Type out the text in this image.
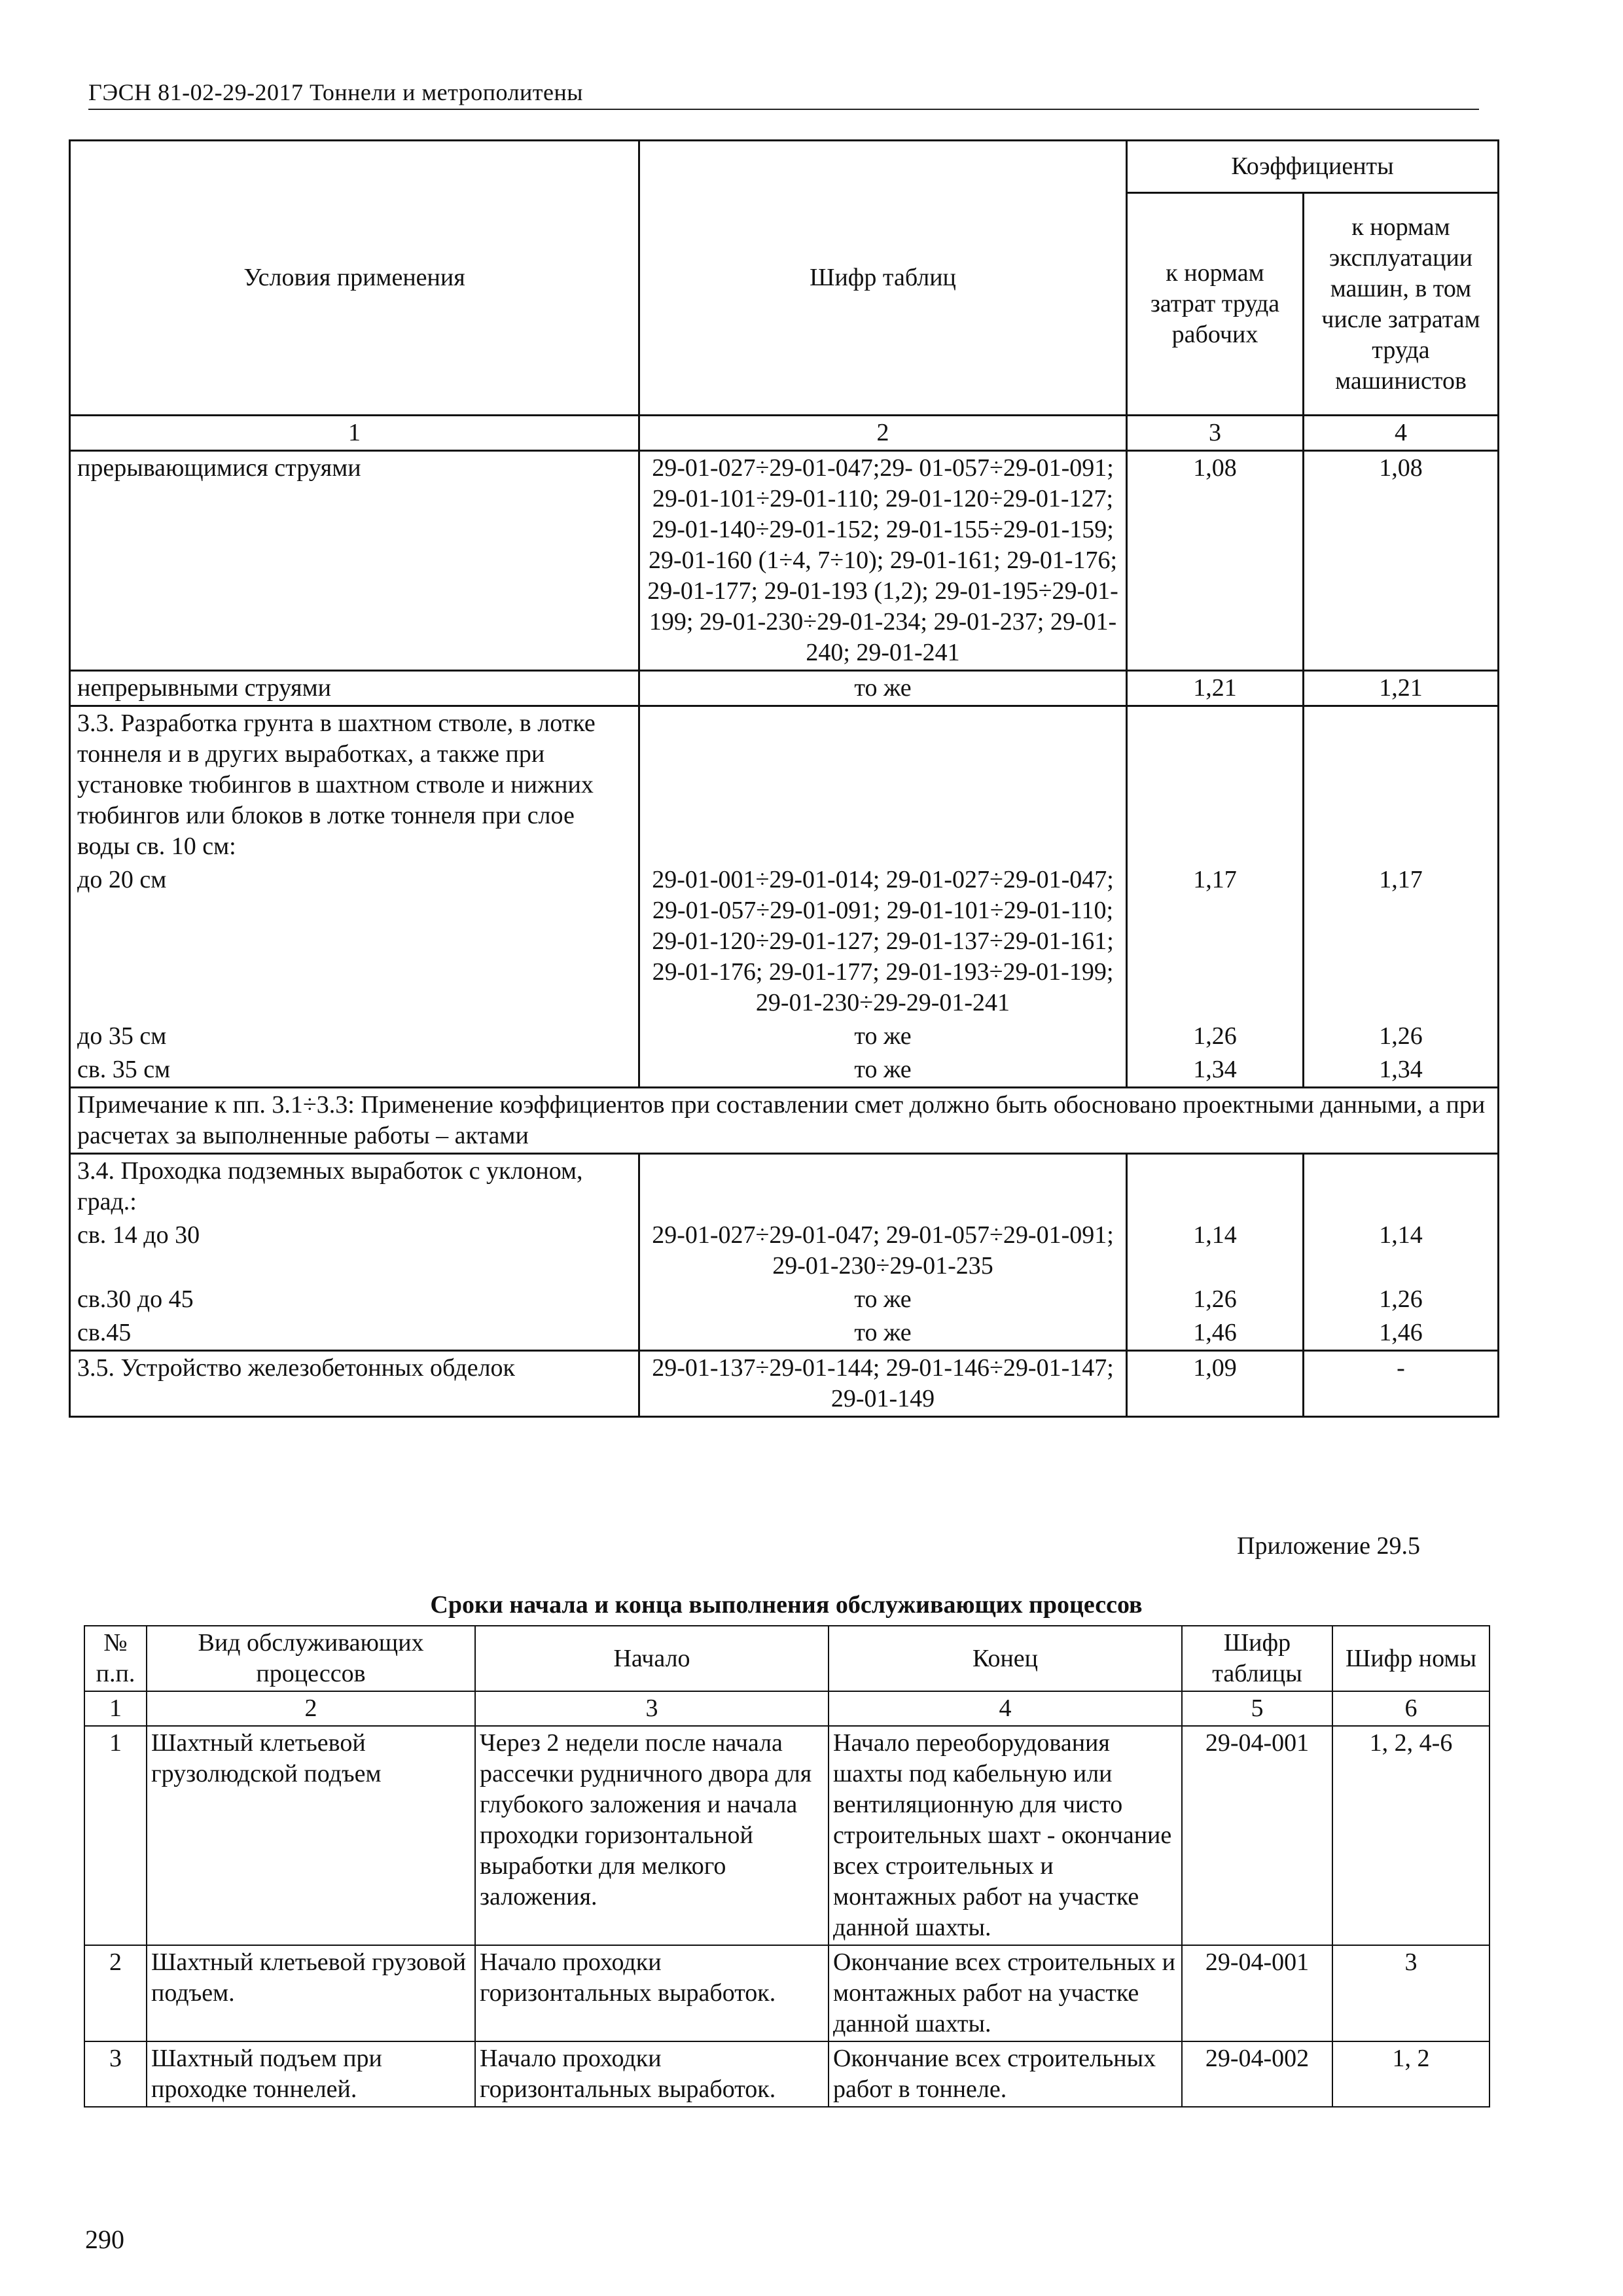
ГЭСН 81-02-29-2017 Тоннели и метрополитены
Условия применения	Шифр таблиц	Коэффициенты	
		к нормам затрат труда рабочих	к нормам эксплуатации машин, в том числе затратам труда машинистов
1	2	3	4
прерывающимися струями	29-01-027÷29-01-047;29- 01-057÷29-01-091; 29-01-101÷29-01-110; 29-01-120÷29-01-127; 29-01-140÷29-01-152; 29-01-155÷29-01-159; 29-01-160 (1÷4, 7÷10); 29-01-161; 29-01-176; 29-01-177; 29-01-193 (1,2); 29-01-195÷29-01-199; 29-01-230÷29-01-234; 29-01-237; 29-01-240; 29-01-241	1,08	1,08
непрерывными струями	то же	1,21	1,21
3.3. Разработка грунта в шахтном стволе, в лотке тоннеля и в других выработках, а также при установке тюбингов в шахтном стволе и нижних тюбингов или блоков в лотке тоннеля при слое воды св. 10 см:			
до 20 см	29-01-001÷29-01-014; 29-01-027÷29-01-047; 29-01-057÷29-01-091; 29-01-101÷29-01-110; 29-01-120÷29-01-127; 29-01-137÷29-01-161; 29-01-176; 29-01-177; 29-01-193÷29-01-199; 29-01-230÷29-29-01-241	1,17	1,17
до 35 см	то же	1,26	1,26
св. 35 см	то же	1,34	1,34
Примечание к пп. 3.1÷3.3: Применение коэффициентов при составлении смет должно быть обосновано проектными данными, а при расчетах за выполненные работы – актами			
3.4. Проходка подземных выработок с уклоном, град.:			
св. 14 до 30	29-01-027÷29-01-047; 29-01-057÷29-01-091; 29-01-230÷29-01-235	1,14	1,14
св.30 до 45	то же	1,26	1,26
св.45	то же	1,46	1,46
3.5. Устройство железобетонных обделок	29-01-137÷29-01-144; 29-01-146÷29-01-147; 29-01-149	1,09	-
Приложение 29.5
Сроки начала и конца выполнения обслуживающих процессов
№ п.п.	Вид обслуживающих процессов	Начало	Конец	Шифр таблицы	Шифр номы
1	2	3	4	5	6
1	Шахтный клетьевой грузолюдской подъем	Через 2 недели после начала рассечки рудничного двора для глубокого заложения и начала проходки горизонтальной выработки для мелкого заложения.	Начало переоборудования шахты под кабельную или вентиляционную для чисто строительных шахт - окончание всех строительных и монтажных работ на участке данной шахты.	29-04-001	1, 2, 4-6
2	Шахтный клетьевой грузовой подъем.	Начало проходки горизонтальных выработок.	Окончание всех строительных и монтажных работ на участке данной шахты.	29-04-001	3
3	Шахтный подъем при проходке тоннелей.	Начало проходки горизонтальных выработок.	Окончание всех строительных работ в тоннеле.	29-04-002	1, 2
290
